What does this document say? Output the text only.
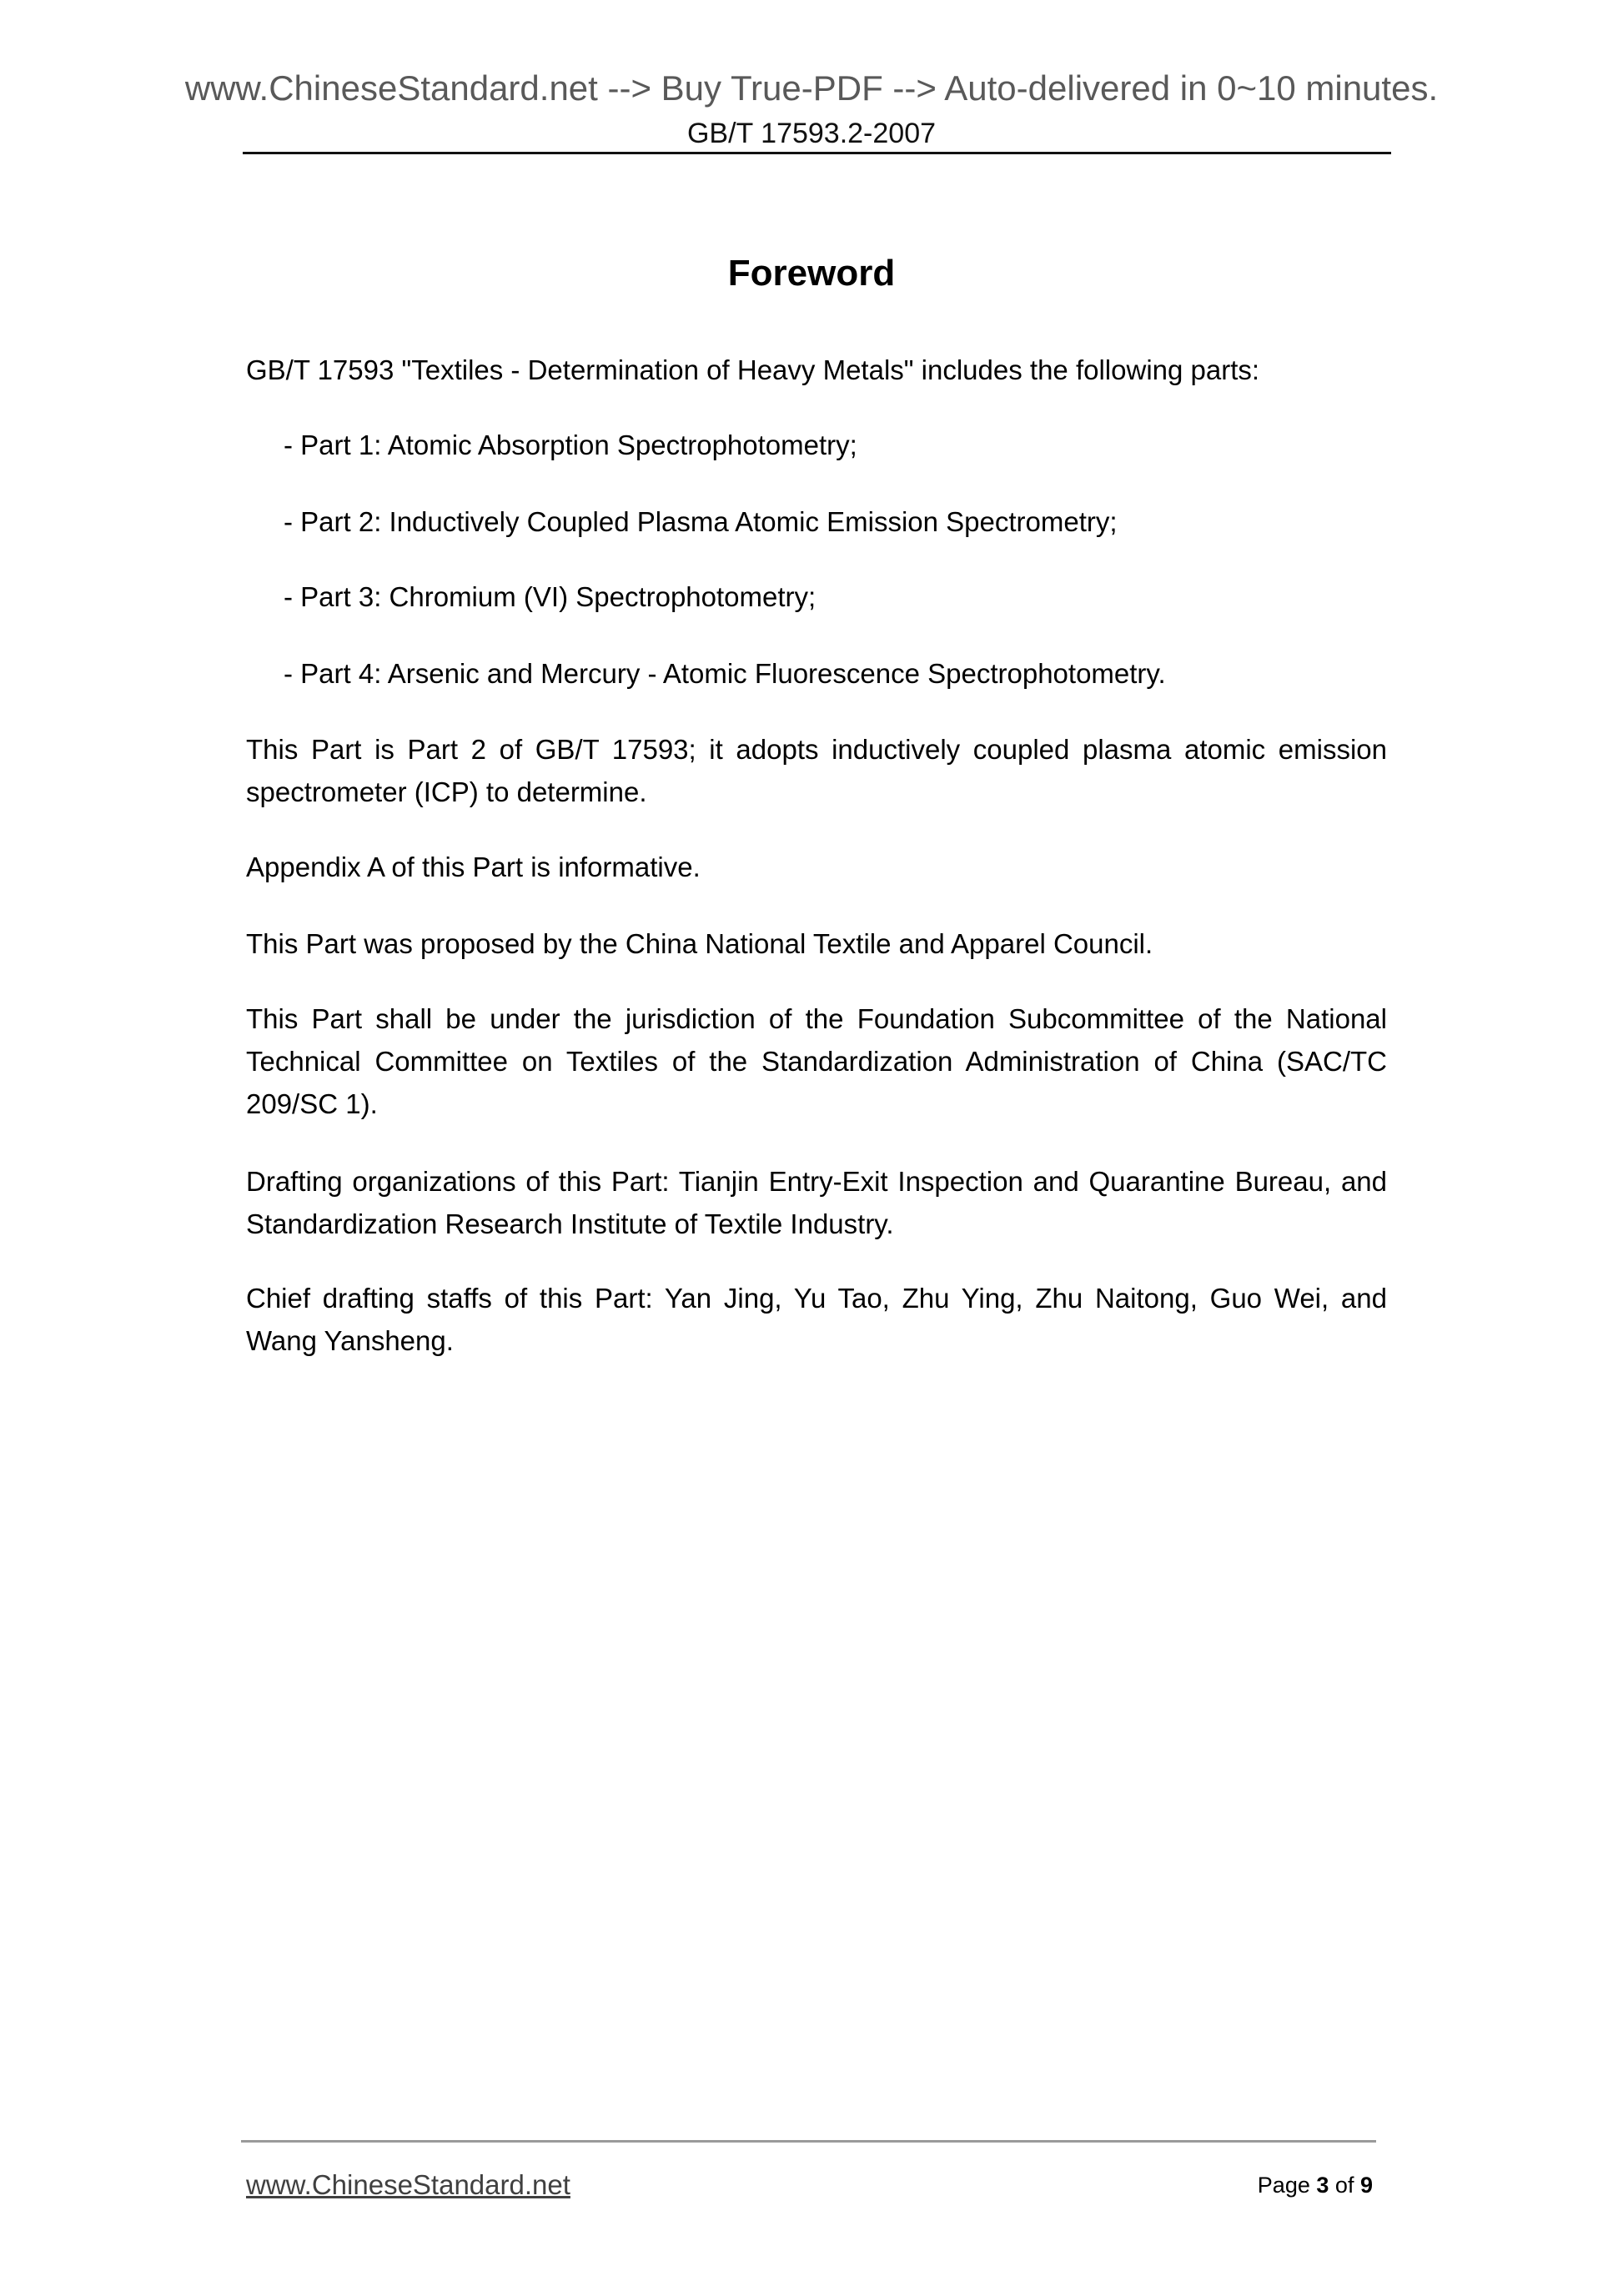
www.ChineseStandard.net --> Buy True-PDF --> Auto-delivered in 0~10 minutes.
GB/T 17593.2-2007
Foreword
GB/T 17593 "Textiles - Determination of Heavy Metals" includes the following parts:
- Part 1: Atomic Absorption Spectrophotometry;
- Part 2: Inductively Coupled Plasma Atomic Emission Spectrometry;
- Part 3: Chromium (VI) Spectrophotometry;
- Part 4: Arsenic and Mercury - Atomic Fluorescence Spectrophotometry.
This Part is Part 2 of GB/T 17593; it adopts inductively coupled plasma atomic emission spectrometer (ICP) to determine.
Appendix A of this Part is informative.
This Part was proposed by the China National Textile and Apparel Council.
This Part shall be under the jurisdiction of the Foundation Subcommittee of the National Technical Committee on Textiles of the Standardization Administration of China (SAC/TC 209/SC 1).
Drafting organizations of this Part: Tianjin Entry-Exit Inspection and Quarantine Bureau, and Standardization Research Institute of Textile Industry.
Chief drafting staffs of this Part: Yan Jing, Yu Tao, Zhu Ying, Zhu Naitong, Guo Wei, and Wang Yansheng.
www.ChineseStandard.net	Page 3 of 9
